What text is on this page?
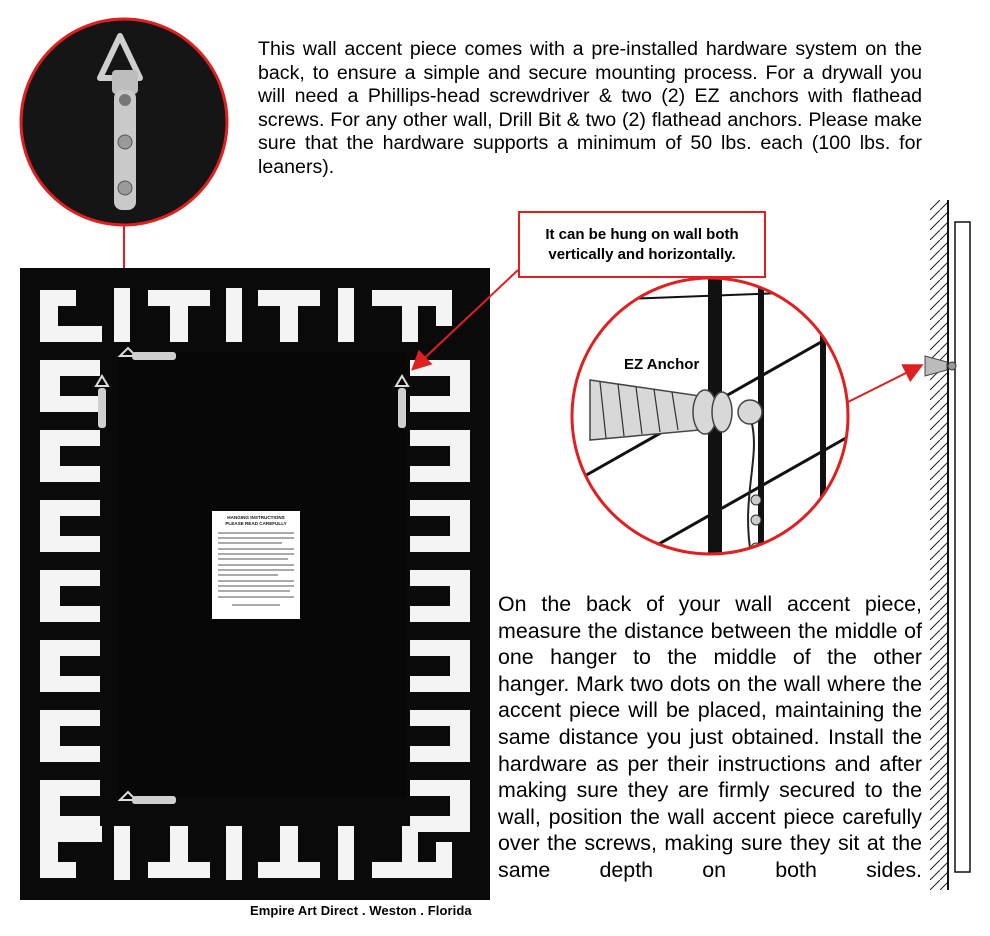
This wall accent piece comes with a pre-installed hardware system on the back, to ensure a simple and secure mounting process. For a drywall you will need a Phillips-head screwdriver & two (2) EZ anchors with flathead screws. For any other wall, Drill Bit & two (2) flathead anchors. Please make sure that the hardware supports a minimum of 50 lbs. each (100 lbs. for leaners).

It can be hung on wall both vertically and horizontally.
EZ Anchor
HANGING INSTRUCTIONS
PLEASE READ CAREFULLY

On the back of your wall accent piece, measure the distance between the middle of one hanger to the middle of the other hanger. Mark two dots on the wall where the accent piece will be placed, maintaining the same distance you just obtained. Install the hardware as per their instructions and after making sure they are firmly secured to the wall, position the wall accent piece carefully over the screws, making sure they sit at the same depth on both sides.

Empire Art Direct . Weston . Florida
